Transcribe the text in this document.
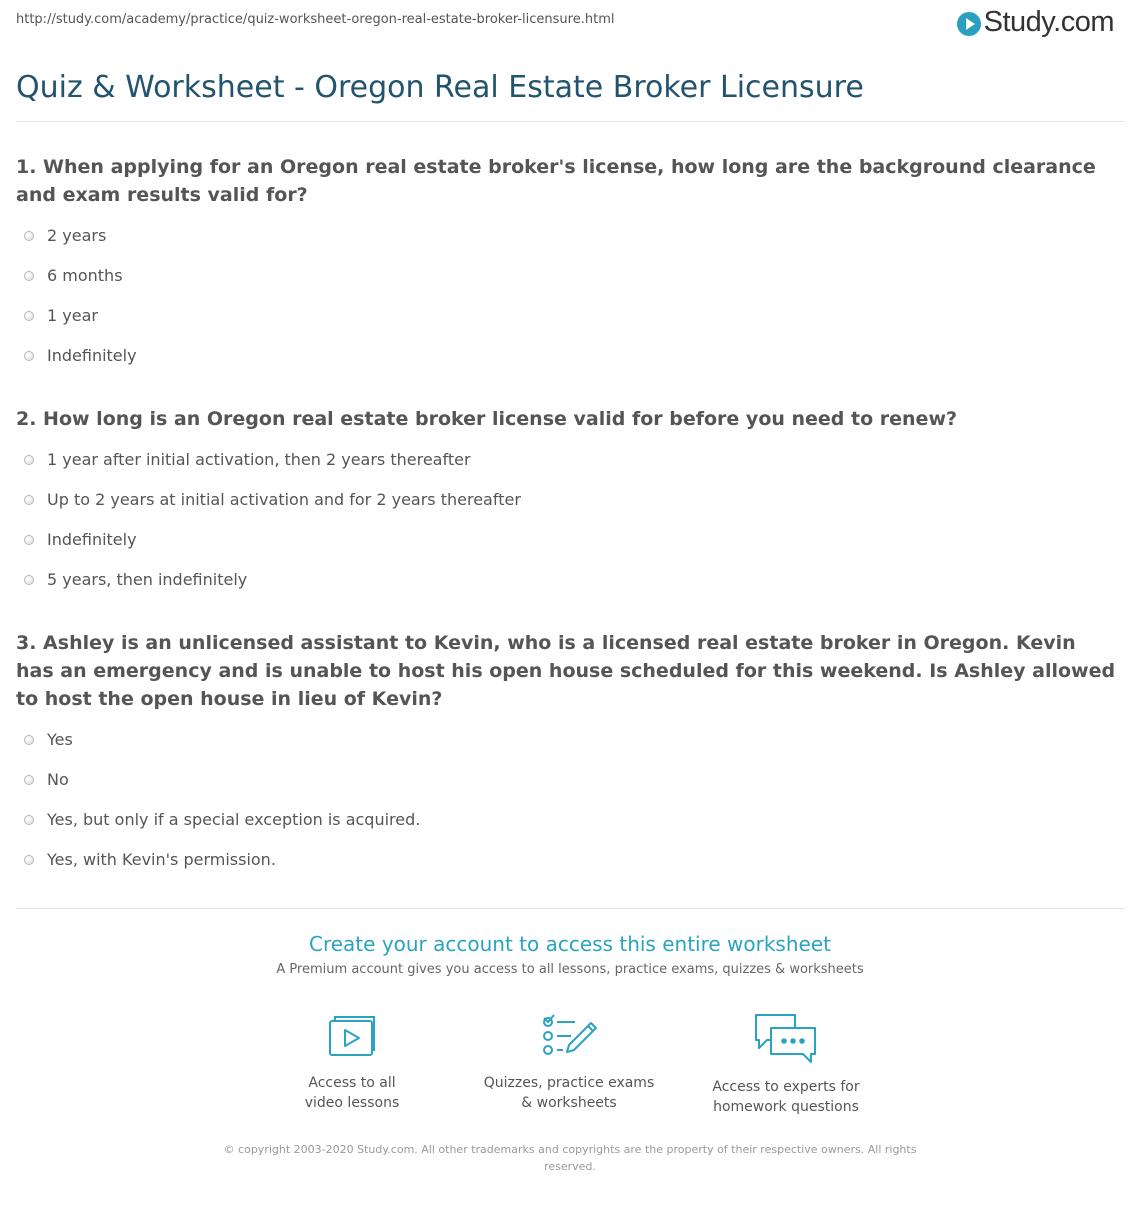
http://study.com/academy/practice/quiz-worksheet-oregon-real-estate-broker-licensure.html	Study.com
Quiz & Worksheet - Oregon Real Estate Broker Licensure
1. When applying for an Oregon real estate broker's license, how long are the background clearance and exam results valid for?
2 years
6 months
1 year
Indefinitely
2. How long is an Oregon real estate broker license valid for before you need to renew?
1 year after initial activation, then 2 years thereafter
Up to 2 years at initial activation and for 2 years thereafter
Indefinitely
5 years, then indefinitely
3. Ashley is an unlicensed assistant to Kevin, who is a licensed real estate broker in Oregon. Kevin has an emergency and is unable to host his open house scheduled for this weekend. Is Ashley allowed to host the open house in lieu of Kevin?
Yes
No
Yes, but only if a special exception is acquired.
Yes, with Kevin's permission.
Create your account to access this entire worksheet
A Premium account gives you access to all lessons, practice exams, quizzes & worksheets
Access to all
video lessons
Quizzes, practice exams
& worksheets
Access to experts for
homework questions
© copyright 2003-2020 Study.com. All other trademarks and copyrights are the property of their respective owners. All rights reserved.
